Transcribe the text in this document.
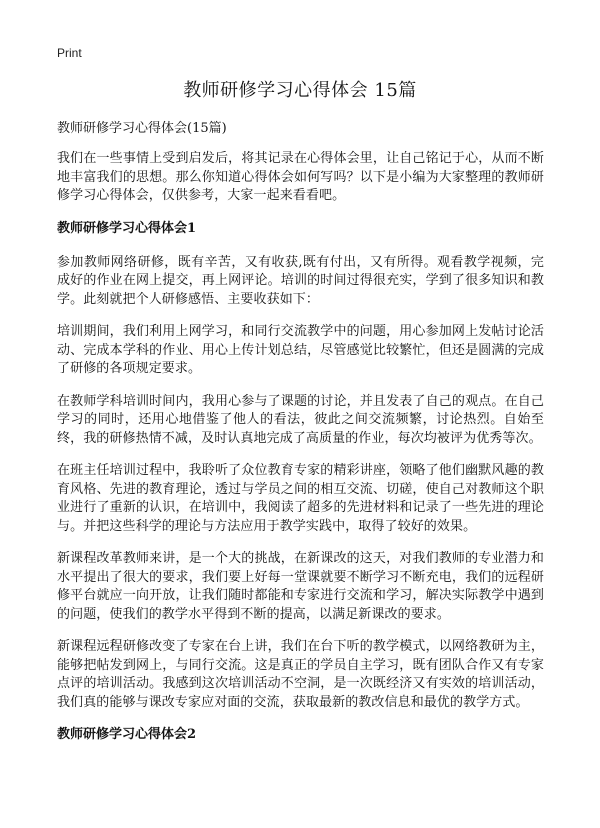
Print
教师研修学习心得体会 15篇
教师研修学习心得体会(15篇)

我们在一些事情上受到启发后，将其记录在心得体会里，让自己铭记于心，从而不断地丰富我们的思想。那么你知道心得体会如何写吗？以下是小编为大家整理的教师研修学习心得体会，仅供参考，大家一起来看看吧。

教师研修学习心得体会1

参加教师网络研修，既有辛苦，又有收获,既有付出，又有所得。观看教学视频，完成好的作业在网上提交，再上网评论。培训的时间过得很充实，学到了很多知识和教学。此刻就把个人研修感悟、主要收获如下：

培训期间，我们利用上网学习，和同行交流教学中的问题，用心参加网上发帖讨论活动、完成本学科的作业、用心上传计划总结，尽管感觉比较繁忙，但还是圆满的完成了研修的各项规定要求。

在教师学科培训时间内，我用心参与了课题的讨论，并且发表了自己的观点。在自己学习的同时，还用心地借鉴了他人的看法，彼此之间交流频繁，讨论热烈。自始至终，我的研修热情不减，及时认真地完成了高质量的作业，每次均被评为优秀等次。

在班主任培训过程中，我聆听了众位教育专家的精彩讲座，领略了他们幽默风趣的教育风格、先进的教育理论，透过与学员之间的相互交流、切磋，使自己对教师这个职业进行了重新的认识，在培训中，我阅读了超多的先进材料和记录了一些先进的理论与。并把这些科学的理论与方法应用于教学实践中，取得了较好的效果。

新课程改革教师来讲，是一个大的挑战，在新课改的这天，对我们教师的专业潜力和水平提出了很大的要求，我们要上好每一堂课就要不断学习不断充电，我们的远程研修平台就应一向开放，让我们随时都能和专家进行交流和学习，解决实际教学中遇到的问题，使我们的教学水平得到不断的提高，以满足新课改的要求。

新课程远程研修改变了专家在台上讲，我们在台下听的教学模式，以网络教研为主，能够把帖发到网上，与同行交流。这是真正的学员自主学习，既有团队合作又有专家点评的培训活动。我感到这次培训活动不空洞，是一次既经济又有实效的培训活动，我们真的能够与课改专家应对面的交流，获取最新的教改信息和最优的教学方式。

教师研修学习心得体会2
